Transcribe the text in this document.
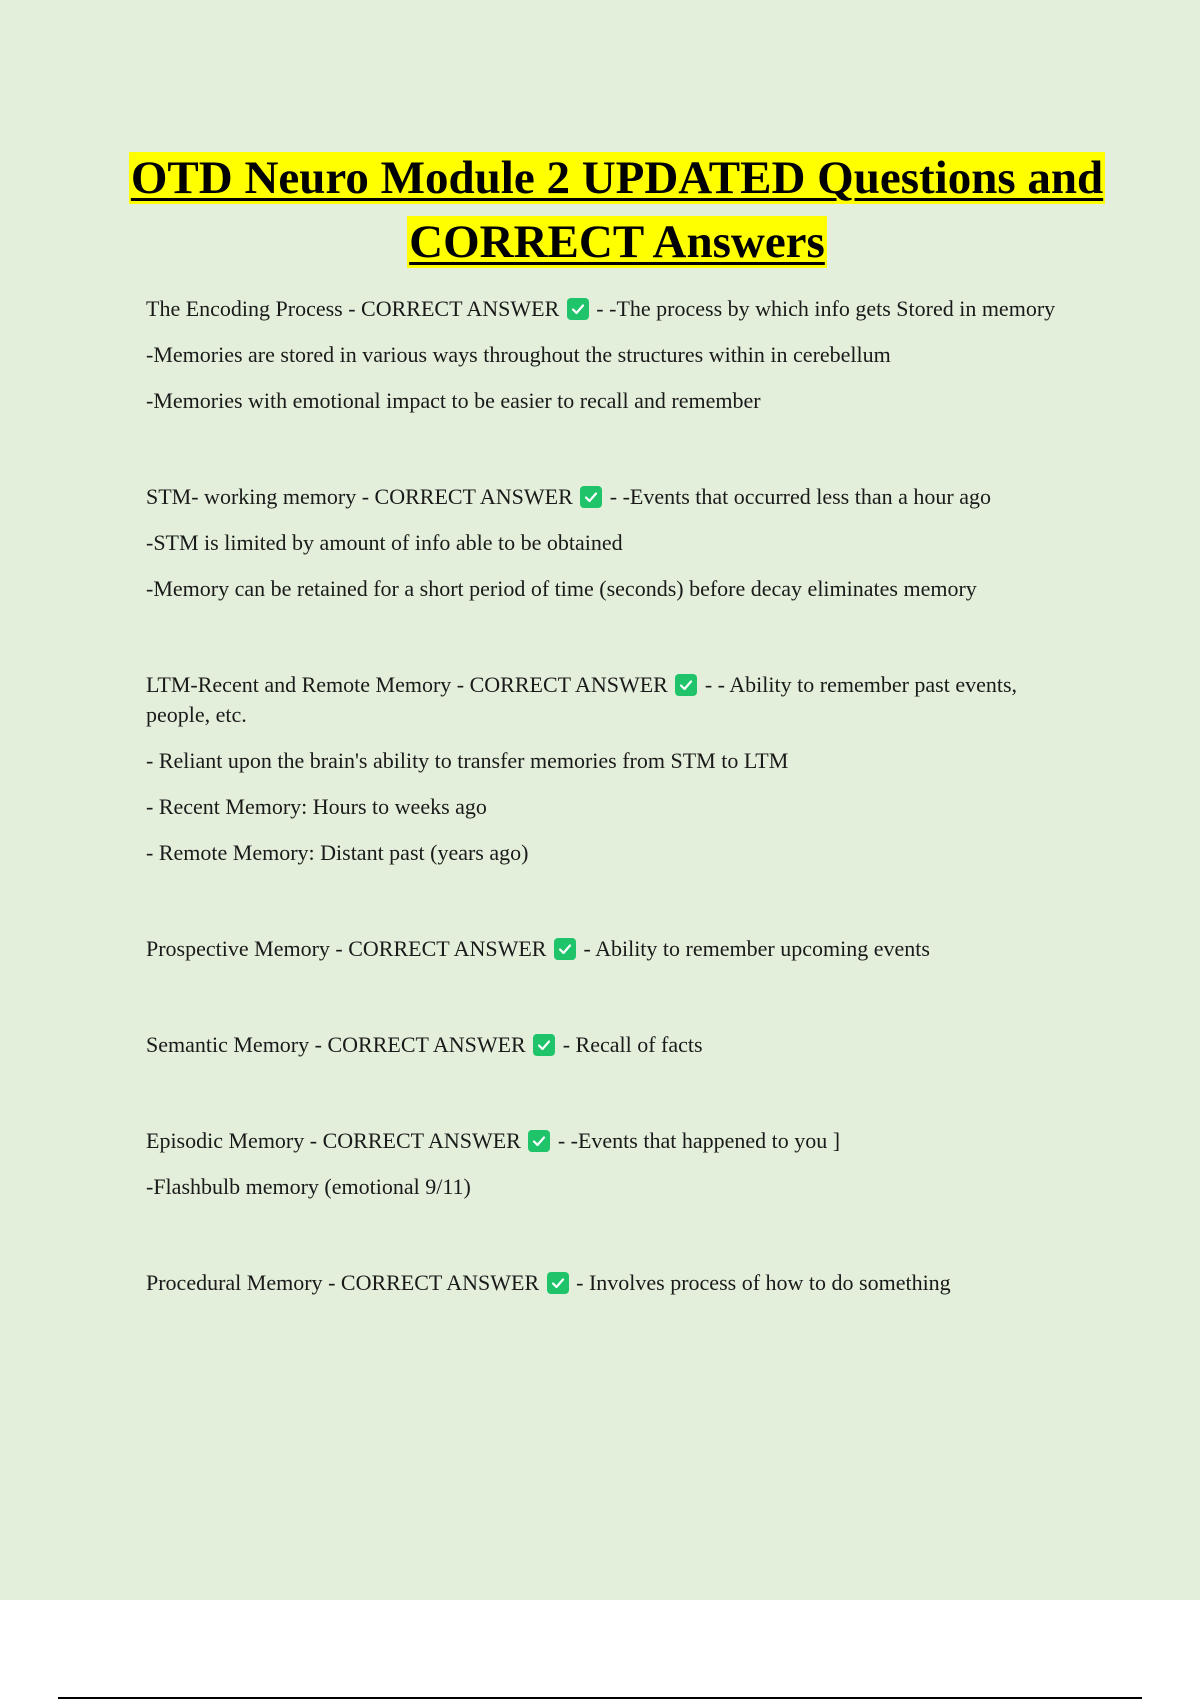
OTD Neuro Module 2 UPDATED Questions and CORRECT Answers

The Encoding Process - CORRECT ANSWER - -The process by which info gets Stored in memory

-Memories are stored in various ways throughout the structures within in cerebellum

-Memories with emotional impact to be easier to recall and remember

STM- working memory - CORRECT ANSWER - -Events that occurred less than a hour ago

-STM is limited by amount of info able to be obtained

-Memory can be retained for a short period of time (seconds) before decay eliminates memory

LTM-Recent and Remote Memory - CORRECT ANSWER - - Ability to remember past events, people, etc.

- Reliant upon the brain's ability to transfer memories from STM to LTM

- Recent Memory: Hours to weeks ago

- Remote Memory: Distant past (years ago)

Prospective Memory - CORRECT ANSWER - Ability to remember upcoming events

Semantic Memory - CORRECT ANSWER - Recall of facts

Episodic Memory - CORRECT ANSWER - -Events that happened to you ]

-Flashbulb memory (emotional 9/11)

Procedural Memory - CORRECT ANSWER - Involves process of how to do something
